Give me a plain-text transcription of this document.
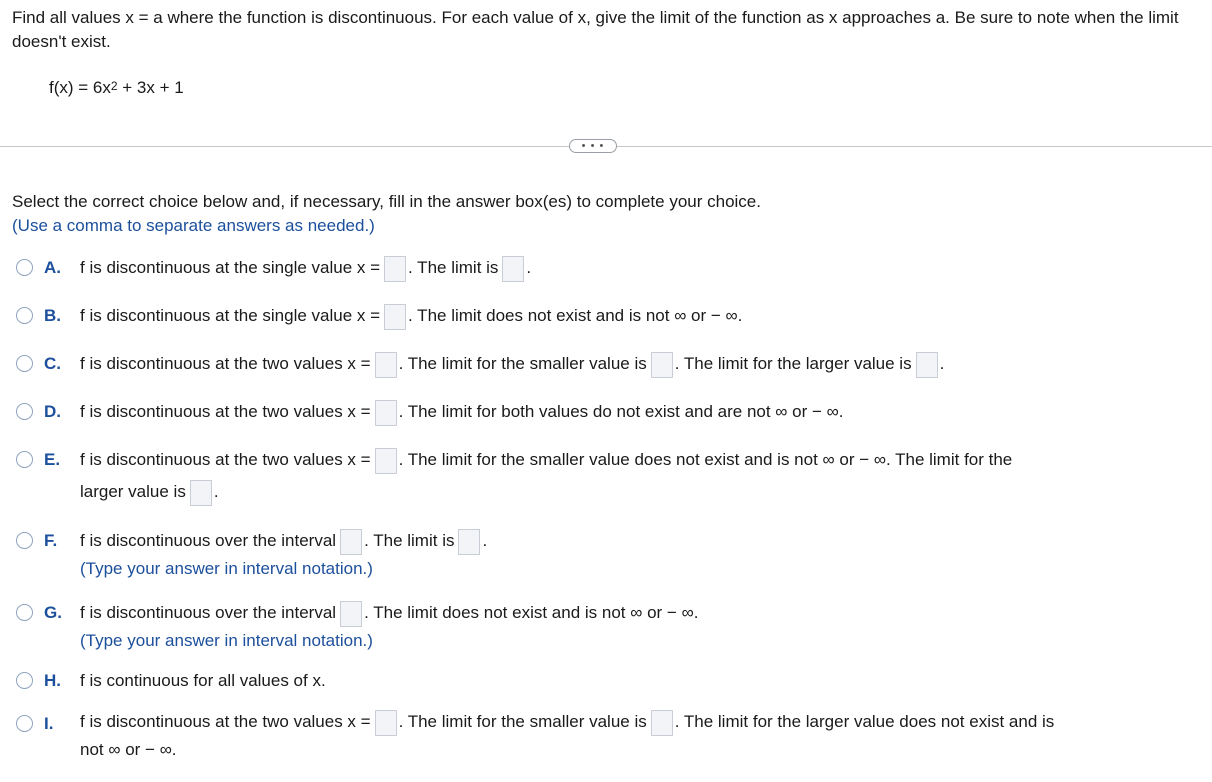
Find all values x = a where the function is discontinuous. For each value of x, give the limit of the function as x approaches a. Be sure to note when the limit doesn't exist.
$f(x) = 6x^2 + 3x + 1$
• • •
Select the correct choice below and, if necessary, fill in the answer box(es) to complete your choice.
(Use a comma to separate answers as needed.)
A. f is discontinuous at the single value x = . The limit is .
B. f is discontinuous at the single value x = . The limit does not exist and is not ∞ or − ∞.
C. f is discontinuous at the two values x = . The limit for the smaller value is . The limit for the larger value is .
D. f is discontinuous at the two values x = . The limit for both values do not exist and are not ∞ or − ∞.
E. f is discontinuous at the two values x = . The limit for the smaller value does not exist and is not ∞ or − ∞. The limit for the
larger value is .
F. f is discontinuous over the interval . The limit is .
(Type your answer in interval notation.)
G. f is discontinuous over the interval . The limit does not exist and is not ∞ or − ∞.
(Type your answer in interval notation.)
H. f is continuous for all values of x.
I. f is discontinuous at the two values x = . The limit for the smaller value is . The limit for the larger value does not exist and is
not ∞ or − ∞.
